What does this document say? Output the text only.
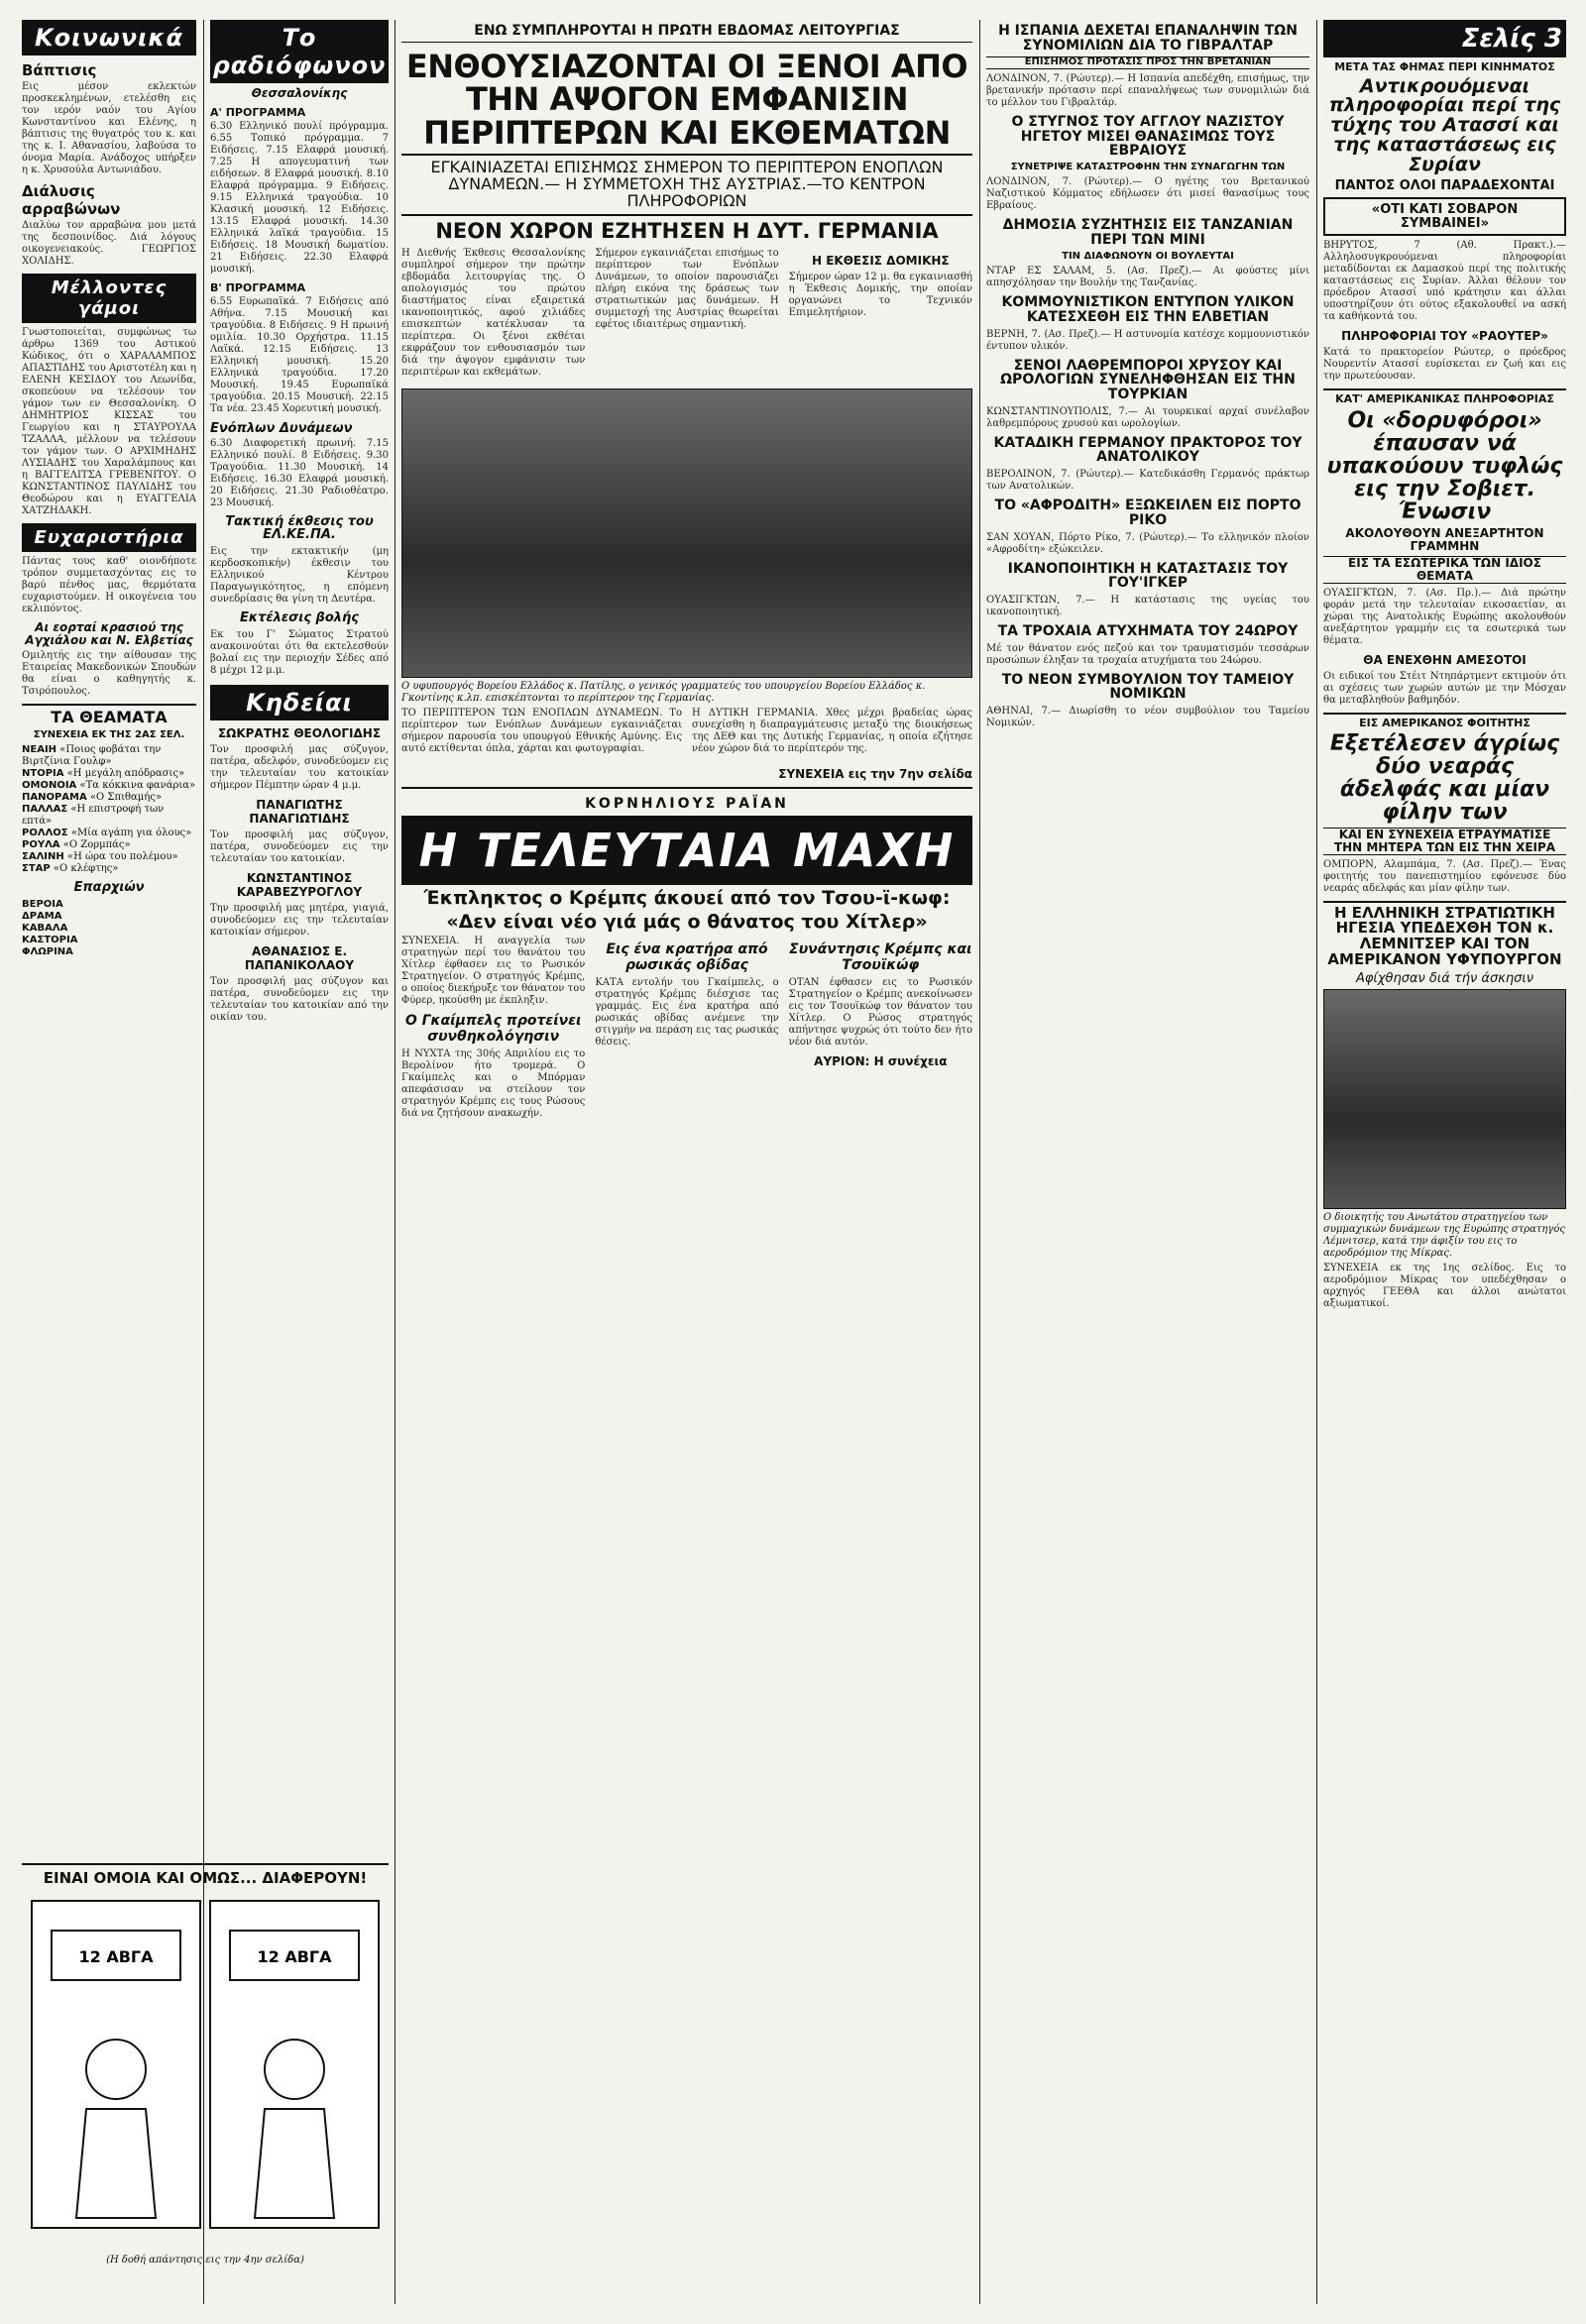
Κοινωνικά
Βάπτισις

Εις μέσον εκλεκτών προσκεκλημένων, ετελέσθη εις τον ιερόν ναόν του Αγίου Κωνσταντίνου και Ελένης, η βάπτισις της θυγατρός του κ. και της κ. Ι. Αθανασίου, λαβούσα το όνομα Μαρία. Ανάδοχος υπήρξεν η κ. Χρυσούλα Αντωνιάδου.

Διάλυσις αρραβώνων

Διαλύω τον αρραβώνα μου μετά της δεσποινίδος. Διά λόγους οικογενειακούς. ΓΕΩΡΓΙΟΣ ΧΟΛΙΔΗΣ.

Μέλλοντες γάμοι

Γνωστοποιείται, συμφώνως τω άρθρω 1369 του Αστικού Κώδικος, ότι ο ΧΑΡΑΛΑΜΠΟΣ ΑΠΑΣΤΙΔΗΣ του Αριστοτέλη και η ΕΛΕΝΗ ΚΕΣΙΔΟΥ του Λεωνίδα, σκοπεύουν να τελέσουν τον γάμον των εν Θεσσαλονίκη. Ο ΔΗΜΗΤΡΙΟΣ ΚΙΣΣΑΣ του Γεωργίου και η ΣΤΑΥΡΟΥΛΑ ΤΖΑΛΛΑ, μέλλουν να τελέσουν τον γάμον των. Ο ΑΡΧΙΜΗΔΗΣ ΛΥΣΙΑΔΗΣ του Χαραλάμπους και η ΒΑΓΓΕΛΙΤΣΑ ΓΡΕΒΕΝΙΤΟΥ. Ο ΚΩΝΣΤΑΝΤΙΝΟΣ ΠΑΥΛΙΔΗΣ του Θεοδώρου και η ΕΥΑΓΓΕΛΙΑ ΧΑΤΖΗΔΑΚΗ.

Ευχαριστήρια

Πάντας τους καθ' οιονδήποτε τρόπον συμμετασχόντας εις το βαρύ πένθος μας, θερμότατα ευχαριστούμεν. Η οικογένεια του εκλιπόντος.

Αι εορταί κρασιού της Αγχιάλου και Ν. Ελβετίας

Ομιλητής εις την αίθουσαν της Εταιρείας Μακεδονικών Σπουδών θα είναι ο καθηγητής κ. Τσιρόπουλος.

ΤΑ ΘΕΑΜΑΤΑ
ΣΥΝΕΧΕΙΑ ΕΚ ΤΗΣ 2ΑΣ ΣΕΛ.

ΝΕΑΙΗ «Ποιος φοβάται την Βιρτζίνια Γουλφ»

ΝΤΟΡΙΑ «Η μεγάλη απόδρασις»

ΟΜΟΝΟΙΑ «Τα κόκκινα φανάρια»

ΠΑΝΟΡΑΜΑ «Ο Σπιθαμής»

ΠΑΛΛΑΣ «Η επιστροφή των επτά»

ΡΟΛΛΟΣ «Μία αγάπη για όλους»

ΡΟΥΛΑ «Ο Ζορμπάς»

ΣΑΛΙΝΗ «Η ώρα του πολέμου»

ΣΤΑΡ «Ο κλέφτης»

Επαρχιών

ΒΕΡΟΙΑ

ΔΡΑΜΑ

ΚΑΒΑΛΑ

ΚΑΣΤΟΡΙΑ

ΦΛΩΡΙΝΑ

ΕΙΝΑΙ ΟΜΟΙΑ ΚΑΙ ΟΜΩΣ... ΔΙΑΦΕΡΟΥΝ!
12 ΑΒΓΑ	12 ΑΒΓΑ
(Η δοθή απάντησις εις την 4ην σελίδα)
Το ραδιόφωνον
Θεσσαλονίκης
Α' ΠΡΟΓΡΑΜΜΑ

6.30 Ελληνικό πουλί πρόγραμμα. 6.55 Τοπικό πρόγραμμα. 7 Ειδήσεις. 7.15 Ελαφρά μουσική. 7.25 Η απογευματινή των ειδήσεων. 8 Ελαφρά μουσική. 8.10 Ελαφρά πρόγραμμα. 9 Ειδήσεις. 9.15 Ελληνικά τραγούδια. 10 Κλασική μουσική. 12 Ειδήσεις. 13.15 Ελαφρά μουσική. 14.30 Ελληνικά λαϊκά τραγούδια. 15 Ειδήσεις. 18 Μουσική δωματίου. 21 Ειδήσεις. 22.30 Ελαφρά μουσική.

Β' ΠΡΟΓΡΑΜΜΑ

6.55 Ευρωπαϊκά. 7 Ειδήσεις από Αθήνα. 7.15 Μουσική και τραγούδια. 8 Ειδήσεις. 9 Η πρωινή ομιλία. 10.30 Ορχήστρα. 11.15 Λαϊκά. 12.15 Ειδήσεις. 13 Ελληνική μουσική. 15.20 Ελληνικά τραγούδια. 17.20 Μουσική. 19.45 Ευρωπαϊκά τραγούδια. 20.15 Μουσική. 22.15 Τα νέα. 23.45 Χορευτική μουσική.

Ενόπλων Δυνάμεων

6.30 Διαφορετική πρωινή. 7.15 Ελληνικό πουλί. 8 Ειδήσεις. 9.30 Τραγούδια. 11.30 Μουσική. 14 Ειδήσεις. 16.30 Ελαφρά μουσική. 20 Ειδήσεις. 21.30 Ραδιοθέατρο. 23 Μουσική.

Τακτική έκθεσις του ΕΛ.ΚΕ.ΠΑ.

Εις την εκτακτικήν (μη κερδοσκοπικήν) έκθεσιν του Ελληνικού Κέντρου Παραγωγικότητος, η επόμενη συνεδρίασις θα γίνη τη Δευτέρα.

Εκτέλεσις βολής

Εκ του Γ' Σώματος Στρατού ανακοινούται ότι θα εκτελεσθούν βολαί εις την περιοχήν Σέδες από 8 μέχρι 12 μ.μ.

Κηδείαι
ΣΩΚΡΑΤΗΣ ΘΕΟΛΟΓΙΔΗΣ

Τον προσφιλή μας σύζυγον, πατέρα, αδελφόν, συνοδεύομεν εις την τελευταίαν του κατοικίαν σήμερον Πέμπτην ώραν 4 μ.μ.

ΠΑΝΑΓΙΩΤΗΣ ΠΑΝΑΓΙΩΤΙΔΗΣ

Τον προσφιλή μας σύζυγον, πατέρα, συνοδεύομεν εις την τελευταίαν του κατοικίαν.

ΚΩΝΣΤΑΝΤΙΝΟΣ ΚΑΡΑΒΕΖΥΡΟΓΛΟΥ

Την προσφιλή μας μητέρα, γιαγιά, συνοδεύομεν εις την τελευταίαν κατοικίαν σήμερον.

ΑΘΑΝΑΣΙΟΣ Ε. ΠΑΠΑΝΙΚΟΛΑΟΥ

Τον προσφιλή μας σύζυγον και πατέρα, συνοδεύομεν εις την τελευταίαν του κατοικίαν από την οικίαν του.

ΕΝΩ ΣΥΜΠΛΗΡΟΥΤΑΙ Η ΠΡΩΤΗ ΕΒΔΟΜΑΣ ΛΕΙΤΟΥΡΓΙΑΣ
ΕΝΘΟΥΣΙΑΖΟΝΤΑΙ ΟΙ ΞΕΝΟΙ ΑΠΟ ΤΗΝ ΑΨΟΓΟΝ ΕΜΦΑΝΙΣΙΝ ΠΕΡΙΠΤΕΡΩΝ ΚΑΙ ΕΚΘΕΜΑΤΩΝ
ΕΓΚΑΙΝΙΑΖΕΤΑΙ ΕΠΙΣΗΜΩΣ ΣΗΜΕΡΟΝ ΤΟ ΠΕΡΙΠΤΕΡΟΝ ΕΝΟΠΛΩΝ ΔΥΝΑΜΕΩΝ.— Η ΣΥΜΜΕΤΟΧΗ ΤΗΣ ΑΥΣΤΡΙΑΣ.—ΤΟ ΚΕΝΤΡΟΝ ΠΛΗΡΟΦΟΡΙΩΝ
ΝΕΟΝ ΧΩΡΟΝ ΕΖΗΤΗΣΕΝ Η ΔΥΤ. ΓΕΡΜΑΝΙΑ

Η Διεθνής Έκθεσις Θεσσαλονίκης συμπληροί σήμερον την πρώτην εβδομάδα λειτουργίας της. Ο απολογισμός του πρώτου διαστήματος είναι εξαιρετικά ικανοποιητικός, αφού χιλιάδες επισκεπτών κατέκλυσαν τα περίπτερα. Οι ξένοι εκθέται εκφράζουν τον ενθουσιασμόν των διά την άψογον εμφάνισιν των περιπτέρων και εκθεμάτων.

Σήμερον εγκαινιάζεται επισήμως το περίπτερον των Ενόπλων Δυνάμεων, το οποίον παρουσιάζει πλήρη εικόνα της δράσεως των στρατιωτικών μας δυνάμεων. Η συμμετοχή της Αυστρίας θεωρείται εφέτος ιδιαιτέρως σημαντική.

Η ΕΚΘΕΣΙΣ ΔΟΜΙΚΗΣ

Σήμερον ώραν 12 μ. θα εγκαινιασθή η Έκθεσις Δομικής, την οποίαν οργανώνει το Τεχνικόν Επιμελητήριον.

Ο υφυπουργός Βορείου Ελλάδος κ. Πατίλης, ο γενικός γραμματεύς του υπουργείου Βορείου Ελλάδος κ. Γκοντίνης κ.λπ. επισκέπτονται το περίπτερον της Γερμανίας.

ΤΟ ΠΕΡΙΠΤΕΡΟΝ ΤΩΝ ΕΝΟΠΛΩΝ ΔΥΝΑΜΕΩΝ. Το περίπτερον των Ενόπλων Δυνάμεων εγκαινιάζεται σήμερον παρουσία του υπουργού Εθνικής Αμύνης. Εις αυτό εκτίθενται όπλα, χάρται και φωτογραφίαι.

Η ΔΥΤΙΚΗ ΓΕΡΜΑΝΙΑ. Χθες μέχρι βραδείας ώρας συνεχίσθη η διαπραγμάτευσις μεταξύ της διοικήσεως της ΔΕΘ και της Δυτικής Γερμανίας, η οποία εζήτησε νέον χώρον διά το περίπτερόν της.

ΣΥΝΕΧΕΙΑ εις την 7ην σελίδα
ΚΟΡΝΗΛΙΟΥΣ ΡΑΪΑΝ
Η ΤΕΛΕΥΤΑΙΑ ΜΑΧΗ
Έκπληκτος ο Κρέμπς άκουεί από τον Τσου-ϊ-κωφ:
«Δεν είναι νέο γιά μάς ο θάνατος του Χίτλερ»

ΣΥΝΕΧΕΙΑ. Η αναγγελία των στρατηγών περί του θανάτου του Χίτλερ έφθασεν εις το Ρωσικόν Στρατηγείον. Ο στρατηγός Κρέμπς, ο οποίος διεκήρυξε τον θάνατον του Φύρερ, ηκούσθη με έκπληξιν.

Ο Γκαίμπελς προτείνει συνθηκολόγησιν

Η ΝΥΧΤΑ της 30ής Απριλίου εις το Βερολίνον ήτο τρομερά. Ο Γκαίμπελς και ο Μπόρμαν απεφάσισαν να στείλουν τον στρατηγόν Κρέμπς εις τους Ρώσους διά να ζητήσουν ανακωχήν.

Εις ένα κρατήρα από ρωσικάς οβίδας

ΚΑΤΑ εντολήν του Γκαίμπελς, ο στρατηγός Κρέμπς διέσχισε τας γραμμάς. Εις ένα κρατήρα από ρωσικάς οβίδας ανέμενε την στιγμήν να περάση εις τας ρωσικάς θέσεις.

Συνάντησις Κρέμπς και Τσουϊκώφ

ΟΤΑΝ έφθασεν εις το Ρωσικόν Στρατηγείον ο Κρέμπς ανεκοίνωσεν εις τον Τσουϊκώφ τον θάνατον του Χίτλερ. Ο Ρώσος στρατηγός απήντησε ψυχρώς ότι τούτο δεν ήτο νέον διά αυτόν.

ΑΥΡΙΟΝ: Η συνέχεια
Η ΙΣΠΑΝΙΑ ΔΕΧΕΤΑΙ ΕΠΑΝΑΛΗΨΙΝ ΤΩΝ ΣΥΝΟΜΙΛΙΩΝ ΔΙΑ ΤΟ ΓΙΒΡΑΛΤΑΡ
ΕΠΙΣΗΜΟΣ ΠΡΟΤΑΣΙΣ ΠΡΟΣ ΤΗΝ ΒΡΕΤΑΝΙΑΝ

ΛΟΝΔΙΝΟΝ, 7. (Ρώυτερ).— Η Ισπανία απεδέχθη, επισήμως, την βρετανικήν πρότασιν περί επαναλήψεως των συνομιλιών διά το μέλλον του Γιβραλτάρ.

Ο ΣΤΥΓΝΟΣ ΤΟΥ ΑΓΓΛΟΥ ΝΑΖΙΣΤΟΥ ΗΓΕΤΟΥ ΜΙΣΕΙ ΘΑΝΑΣΙΜΩΣ ΤΟΥΣ ΕΒΡΑΙΟΥΣ
ΣΥΝΕΤΡΙΨΕ ΚΑΤΑΣΤΡΟΦΗΝ ΤΗΝ ΣΥΝΑΓΩΓΗΝ ΤΩΝ

ΛΟΝΔΙΝΟΝ, 7. (Ρώυτερ).— Ο ηγέτης του Βρετανικού Ναζιστικού Κόμματος εδήλωσεν ότι μισεί θανασίμως τους Εβραίους.

ΔΗΜΟΣΙΑ ΣΥΖΗΤΗΣΙΣ ΕΙΣ ΤΑΝΖΑΝΙΑΝ ΠΕΡΙ ΤΩΝ ΜΙΝΙ
ΤΙΝ ΔΙΑΦΩΝΟΥΝ ΟΙ ΒΟΥΛΕΥΤΑΙ

ΝΤΑΡ ΕΣ ΣΑΛΑΜ, 5. (Ασ. Πρεζ).— Αι φούστες μίνι απησχόλησαν την Βουλήν της Τανζανίας.

ΚΟΜΜΟΥΝΙΣΤΙΚΟΝ ΕΝΤΥΠΟΝ ΥΛΙΚΟΝ ΚΑΤΕΣΧΕΘΗ ΕΙΣ ΤΗΝ ΕΛΒΕΤΙΑΝ

ΒΕΡΝΗ, 7. (Ασ. Πρεζ).— Η αστυνομία κατέσχε κομμουνιστικόν έντυπον υλικόν.

ΣΕΝΟΙ ΛΑΘΡΕΜΠΟΡΟΙ ΧΡΥΣΟΥ ΚΑΙ ΩΡΟΛΟΓΙΩΝ ΣΥΝΕΛΗΦΘΗΣΑΝ ΕΙΣ ΤΗΝ ΤΟΥΡΚΙΑΝ

ΚΩΝΣΤΑΝΤΙΝΟΥΠΟΛΙΣ, 7.— Αι τουρκικαί αρχαί συνέλαβον λαθρεμπόρους χρυσού και ωρολογίων.

ΚΑΤΑΔΙΚΗ ΓΕΡΜΑΝΟΥ ΠΡΑΚΤΟΡΟΣ ΤΟΥ ΑΝΑΤΟΛΙΚΟΥ

ΒΕΡΟΛΙΝΟΝ, 7. (Ρώυτερ).— Κατεδικάσθη Γερμανός πράκτωρ των Ανατολικών.

ΤΟ «ΑΦΡΟΔΙΤΗ» ΕΞΩΚΕΙΛΕΝ ΕΙΣ ΠΟΡΤΟ ΡΙΚΟ

ΣΑΝ ΧΟΥΑΝ, Πόρτο Ρίκο, 7. (Ρώυτερ).— Το ελληνικόν πλοίον «Αφροδίτη» εξώκειλεν.

ΙΚΑΝΟΠΟΙΗΤΙΚΗ Η ΚΑΤΑΣΤΑΣΙΣ ΤΟΥ ΓΟΥ'ΙΓΚΕΡ

ΟΥΑΣΙΓΚΤΩΝ, 7.— Η κατάστασις της υγείας του ικανοποιητική.

ΤΑ ΤΡΟΧΑΙΑ ΑΤΥΧΗΜΑΤΑ ΤΟΥ 24ΩΡΟΥ

Μέ τον θάνατον ενός πεζού και τον τραυματισμόν τεσσάρων προσώπων έληξαν τα τροχαία ατυχήματα του 24ώρου.

ΤΟ ΝΕΟΝ ΣΥΜΒΟΥΛΙΟΝ ΤΟΥ ΤΑΜΕΙΟΥ ΝΟΜΙΚΩΝ

ΑΘΗΝΑΙ, 7.— Διωρίσθη το νέον συμβούλιον του Ταμείου Νομικών.

Σελίς 3
ΜΕΤΑ ΤΑΣ ΦΗΜΑΣ ΠΕΡΙ ΚΙΝΗΜΑΤΟΣ
Αντικρουόμεναι πληροφορίαι περί της τύχης του Ατασσί και της καταστάσεως εις Συρίαν
ΠΑΝΤΟΣ ΟΛΟΙ ΠΑΡΑΔΕΧΟΝΤΑΙ
«ΟΤΙ ΚΑΤΙ ΣΟΒΑΡΟΝ ΣΥΜΒΑΙΝΕΙ»

ΒΗΡΥΤΟΣ, 7 (Αθ. Πρακτ.).— Αλληλοσυγκρουόμεναι πληροφορίαι μεταδίδονται εκ Δαμασκού περί της πολιτικής καταστάσεως εις Συρίαν. Άλλαι θέλουν τον πρόεδρον Ατασσί υπό κράτησιν και άλλαι υποστηρίζουν ότι ούτος εξακολουθεί να ασκή τα καθήκοντά του.

ΠΛΗΡΟΦΟΡΙΑΙ ΤΟΥ «ΡΑΟΥΤΕΡ»

Κατά το πρακτορείον Ρώυτερ, ο πρόεδρος Νουρεντίν Ατασσί ευρίσκεται εν ζωή και εις την πρωτεύουσαν.

ΚΑΤ' ΑΜΕΡΙΚΑΝΙΚΑΣ ΠΛΗΡΟΦΟΡΙΑΣ
Οι «δορυφόροι» έπαυσαν νά υπακούουν τυφλώς εις την Σοβιετ. Ένωσιν
ΑΚΟΛΟΥΘΟΥΝ ΑΝΕΞΑΡΤΗΤΟΝ ΓΡΑΜΜΗΝ
ΕΙΣ ΤΑ ΕΣΩΤΕΡΙΚΑ ΤΩΝ ΙΔΙΟΣ ΘΕΜΑΤΑ

ΟΥΑΣΙΓΚΤΩΝ, 7. (Ασ. Πρ.).— Διά πρώτην φοράν μετά την τελευταίαν εικοσαετίαν, αι χώραι της Ανατολικής Ευρώπης ακολουθούν ανεξάρτητον γραμμήν εις τα εσωτερικά των θέματα.

ΘΑ ΕΝΕΧΘΗΝ ΑΜΕΣΟΤΟΙ

Οι ειδικοί του Στέιτ Ντηπάρτμεντ εκτιμούν ότι αι σχέσεις των χωρών αυτών με την Μόσχαν θα μεταβληθούν βαθμηδόν.

ΕΙΣ ΑΜΕΡΙΚΑΝΟΣ ΦΟΙΤΗΤΗΣ
Εξετέλεσεν άγρίως δύο νεαράς άδελφάς και μίαν φίλην των
ΚΑΙ ΕΝ ΣΥΝΕΧΕΙΑ ΕΤΡΑΥΜΑΤΙΣΕ ΤΗΝ ΜΗΤΕΡΑ ΤΩΝ ΕΙΣ ΤΗΝ ΧΕΙΡΑ

ΟΜΠΟΡΝ, Αλαμπάμα, 7. (Ασ. Πρεζ).— Ένας φοιτητής του πανεπιστημίου εφόνευσε δύο νεαράς αδελφάς και μίαν φίλην των.

Η ΕΛΛΗΝΙΚΗ ΣΤΡΑΤΙΩΤΙΚΗ ΗΓΕΣΙΑ ΥΠΕΔΕΧΘΗ ΤΟΝ κ. ΛΕΜΝΙΤΣΕΡ ΚΑΙ ΤΟΝ ΑΜΕΡΙΚΑΝΟΝ ΥΦΥΠΟΥΡΓΟΝ
Αφίχθησαν διά τήν άσκησιν
Ο διοικητής του Ανωτάτου στρατηγείου των συμμαχικών δυνάμεων της Ευρώπης στρατηγός Λέμνιτσερ, κατά την άφιξίν του εις το αεροδρόμιον της Μίκρας.

ΣΥΝΕΧΕΙΑ εκ της 1ης σελίδος. Εις το αεροδρόμιον Μίκρας τον υπεδέχθησαν ο αρχηγός ΓΕΕΘΑ και άλλοι ανώτατοι αξιωματικοί.
